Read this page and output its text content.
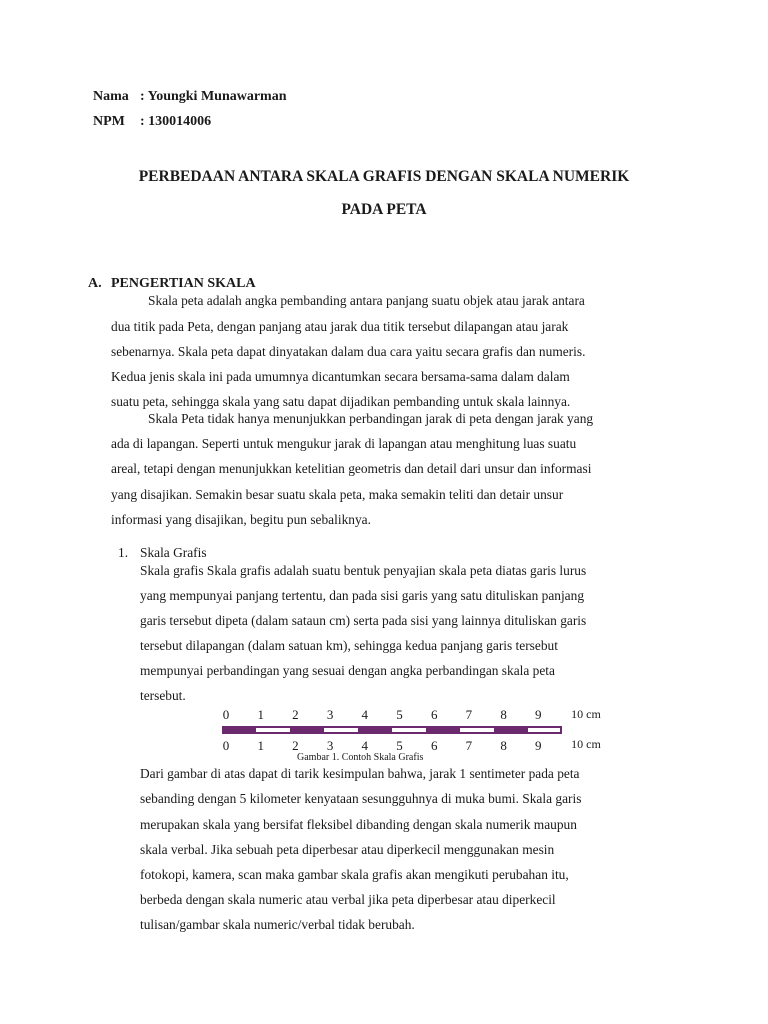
Nama : Youngki Munawarman
NPM : 130014006
PERBEDAAN ANTARA SKALA GRAFIS DENGAN SKALA NUMERIK
PADA PETA
A. PENGERTIAN SKALA
Skala peta adalah angka pembanding antara panjang suatu objek atau jarak antara
dua titik pada Peta, dengan panjang atau jarak dua titik tersebut dilapangan atau jarak
sebenarnya. Skala peta dapat dinyatakan dalam dua cara yaitu secara grafis dan numeris.
Kedua jenis skala ini pada umumnya dicantumkan secara bersama-sama dalam dalam
suatu peta, sehingga skala yang satu dapat dijadikan pembanding untuk skala lainnya.
Skala Peta tidak hanya menunjukkan perbandingan jarak di peta dengan jarak yang
ada di lapangan. Seperti untuk mengukur jarak di lapangan atau menghitung luas suatu
areal, tetapi dengan menunjukkan ketelitian geometris dan detail dari unsur dan informasi
yang disajikan. Semakin besar suatu skala peta, maka semakin teliti dan detair unsur
informasi yang disajikan, begitu pun sebaliknya.
1. Skala Grafis
Skala grafis Skala grafis adalah suatu bentuk penyajian skala peta diatas garis lurus
yang mempunyai panjang tertentu, dan pada sisi garis yang satu dituliskan panjang
garis tersebut dipeta (dalam sataun cm) serta pada sisi yang lainnya dituliskan garis
tersebut dilapangan (dalam satuan km), sehingga kedua panjang garis tersebut
mempunyai perbandingan yang sesuai dengan angka perbandingan skala peta
tersebut.
0	1	2	3	4	5	6	7	8	9	10 cm
0	1	2	3	4	5	6	7	8	9	10 cm
Gambar 1. Contoh Skala Grafis
Dari gambar di atas dapat di tarik kesimpulan bahwa, jarak 1 sentimeter pada peta
sebanding dengan 5 kilometer kenyataan sesungguhnya di muka bumi. Skala garis
merupakan skala yang bersifat fleksibel dibanding dengan skala numerik maupun
skala verbal. Jika sebuah peta diperbesar atau diperkecil menggunakan mesin
fotokopi, kamera, scan maka gambar skala grafis akan mengikuti perubahan itu,
berbeda dengan skala numeric atau verbal jika peta diperbesar atau diperkecil
tulisan/gambar skala numeric/verbal tidak berubah.
